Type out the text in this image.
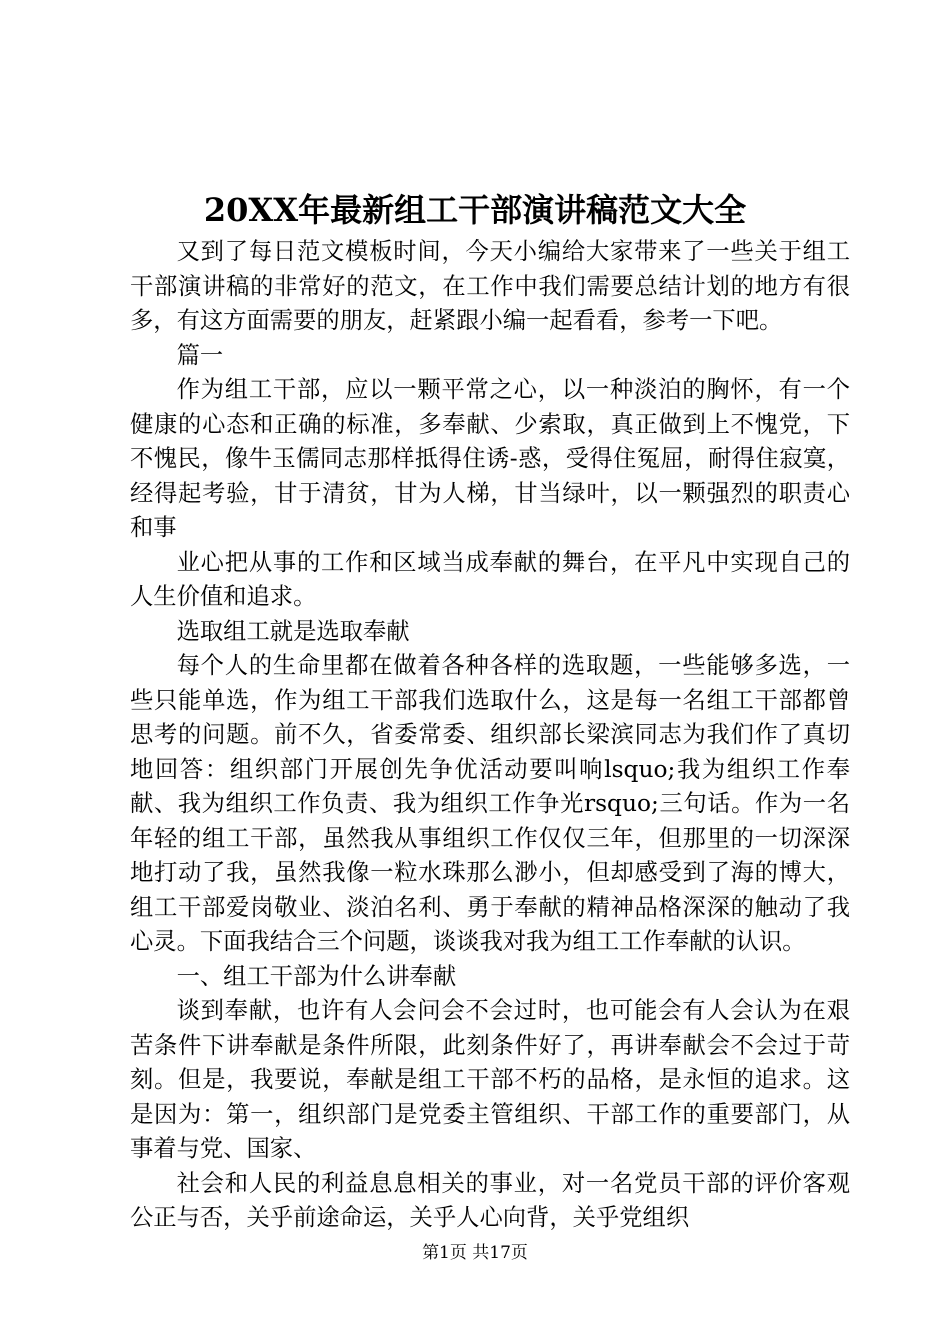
20XX年最新组工干部演讲稿范文大全

又到了每日范文模板时间，今天小编给大家带来了一些关于组工干部演讲稿的非常好的范文，在工作中我们需要总结计划的地方有很多，有这方面需要的朋友，赶紧跟小编一起看看，参考一下吧。

篇一

作为组工干部，应以一颗平常之心，以一种淡泊的胸怀，有一个健康的心态和正确的标准，多奉献、少索取，真正做到上不愧党，下不愧民，像牛玉儒同志那样抵得住诱-惑，受得住冤屈，耐得住寂寞，经得起考验，甘于清贫，甘为人梯，甘当绿叶，以一颗强烈的职责心和事

业心把从事的工作和区域当成奉献的舞台，在平凡中实现自己的人生价值和追求。

选取组工就是选取奉献

每个人的生命里都在做着各种各样的选取题，一些能够多选，一些只能单选，作为组工干部我们选取什么，这是每一名组工干部都曾思考的问题。前不久，省委常委、组织部长梁滨同志为我们作了真切地回答：组织部门开展创先争优活动要叫响lsquo;我为组织工作奉献、我为组织工作负责、我为组织工作争光rsquo;三句话。作为一名年轻的组工干部，虽然我从事组织工作仅仅三年，但那里的一切深深地打动了我，虽然我像一粒水珠那么渺小，但却感受到了海的博大，组工干部爱岗敬业、淡泊名利、勇于奉献的精神品格深深的触动了我心灵。下面我结合三个问题，谈谈我对我为组工工作奉献的认识。

一、组工干部为什么讲奉献

谈到奉献，也许有人会问会不会过时，也可能会有人会认为在艰苦条件下讲奉献是条件所限，此刻条件好了，再讲奉献会不会过于苛刻。但是，我要说，奉献是组工干部不朽的品格，是永恒的追求。这是因为：第一，组织部门是党委主管组织、干部工作的重要部门，从事着与党、国家、

社会和人民的利益息息相关的事业，对一名党员干部的评价客观公正与否，关乎前途命运，关乎人心向背，关乎党组织

第1页 共17页
